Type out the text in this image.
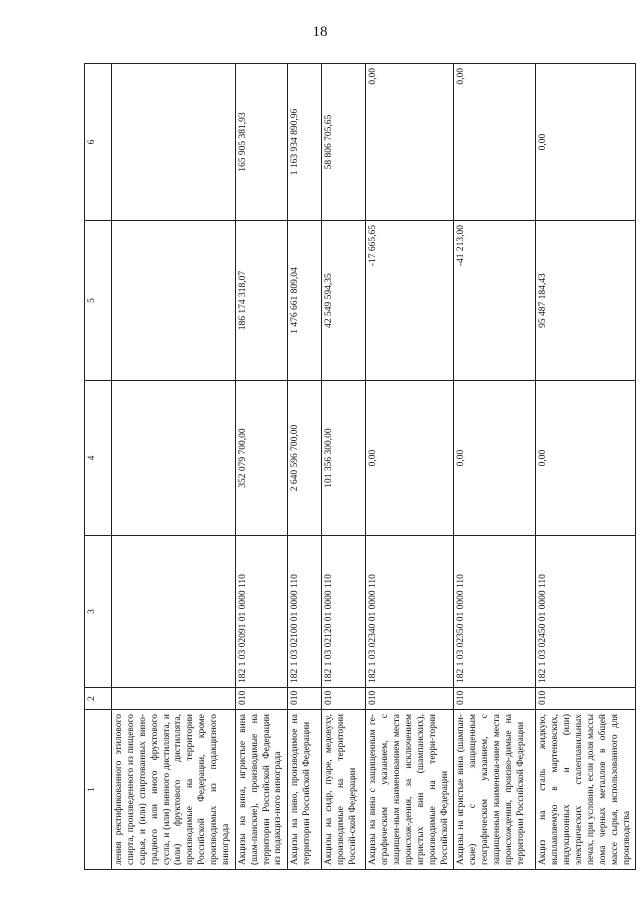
18
1	2	3	4	5	6
ления ректификованного этилового спирта, произведенного из пищевого сырья, и (или) спиртованных вино-градного или иного фруктового сусла, и (или) винного дистиллята, и (или) фруктового дистиллята, производимые на территории Российской Федерации, кроме производимых из подакцизного винограда					
Акцизы на вина, игристые вина (шам-панские), производимые на территории Российской Федерации из подакциз-ного винограда	010	182 1 03 02091 01 0000 110	352 079 700,00	186 174 318,07	165 905 381,93
Акцизы на пиво, производимое на территории Российской Федерации	010	182 1 03 02100 01 0000 110	2 640 596 700,00	1 476 661 809,04	1 163 934 890,96
Акцизы на сидр, пуаре, медовуху, производимые на территории Россий-ской Федерации	010	182 1 03 02120 01 0000 110	101 356 300,00	42 549 594,35	58 806 705,65
Акцизы на вина с защищенным ге-ографическим указанием, с защищен-ным наименованием места происхож-дения, за исключением игристых вин (шампанских), производимые на терри-тории Российской Федерации	010	182 1 03 02340 01 0000 110	0,00	-17 665,65	0,00
Акцизы на игристые вина (шампан-ские) с защищенным географическим указанием, с защищенным наименова-нием места происхождения, произво-димые на территории Российской Федерации	010	182 1 03 02350 01 0000 110	0,00	-41 213,00	0,00
Акциз на сталь жидкую, выплавляемую в мартеновских, индукционных и (или) электрических сталеплавильных печах, при условии, если доля массы лома черных металлов в общей массе сырья, использованного для производства	010	182 1 03 02450 01 0000 110	0,00	95 487 184,43	0,00
